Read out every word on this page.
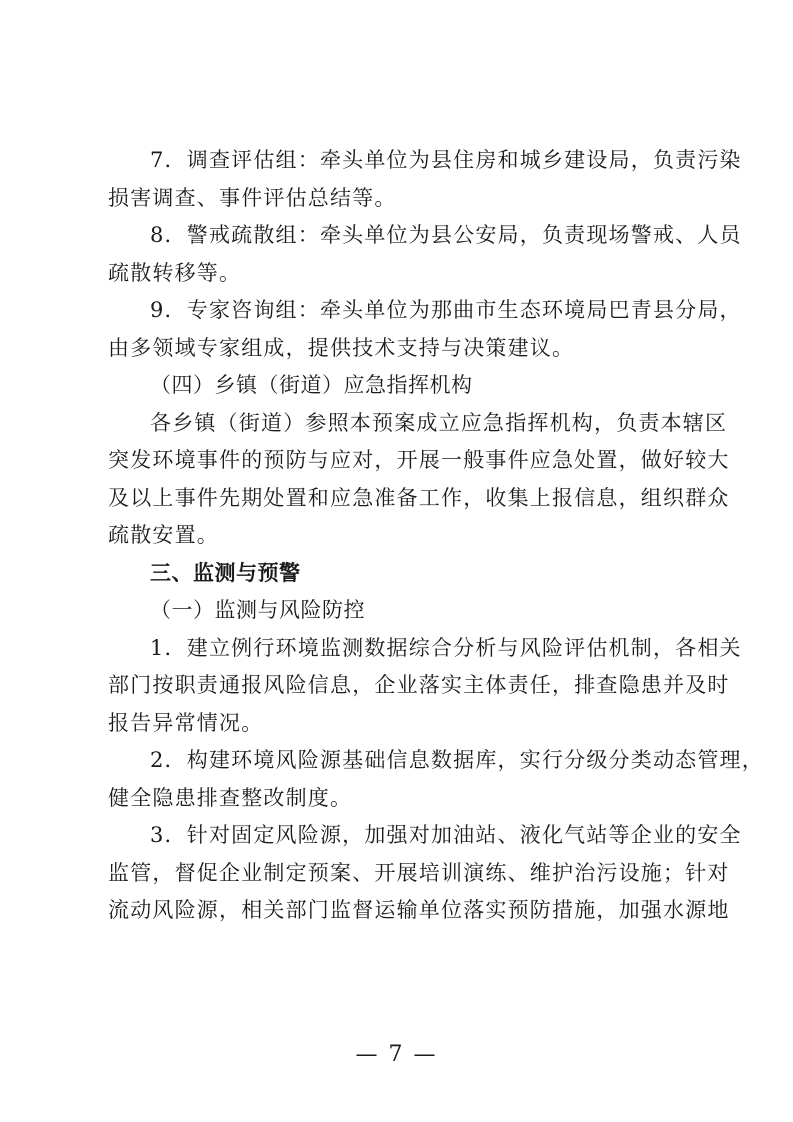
7．调查评估组：牵头单位为县住房和城乡建设局，负责污染
损害调查、事件评估总结等。
8．警戒疏散组：牵头单位为县公安局，负责现场警戒、人员
疏散转移等。
9．专家咨询组：牵头单位为那曲市生态环境局巴青县分局，
由多领域专家组成，提供技术支持与决策建议。
（四）乡镇（街道）应急指挥机构
各乡镇（街道）参照本预案成立应急指挥机构，负责本辖区
突发环境事件的预防与应对，开展一般事件应急处置，做好较大
及以上事件先期处置和应急准备工作，收集上报信息，组织群众
疏散安置。
三、监测与预警
（一）监测与风险防控
1．建立例行环境监测数据综合分析与风险评估机制，各相关
部门按职责通报风险信息，企业落实主体责任，排查隐患并及时
报告异常情况。
2．构建环境风险源基础信息数据库，实行分级分类动态管理，
健全隐患排查整改制度。
3．针对固定风险源，加强对加油站、液化气站等企业的安全
监管，督促企业制定预案、开展培训演练、维护治污设施；针对
流动风险源，相关部门监督运输单位落实预防措施，加强水源地
— 7 —
